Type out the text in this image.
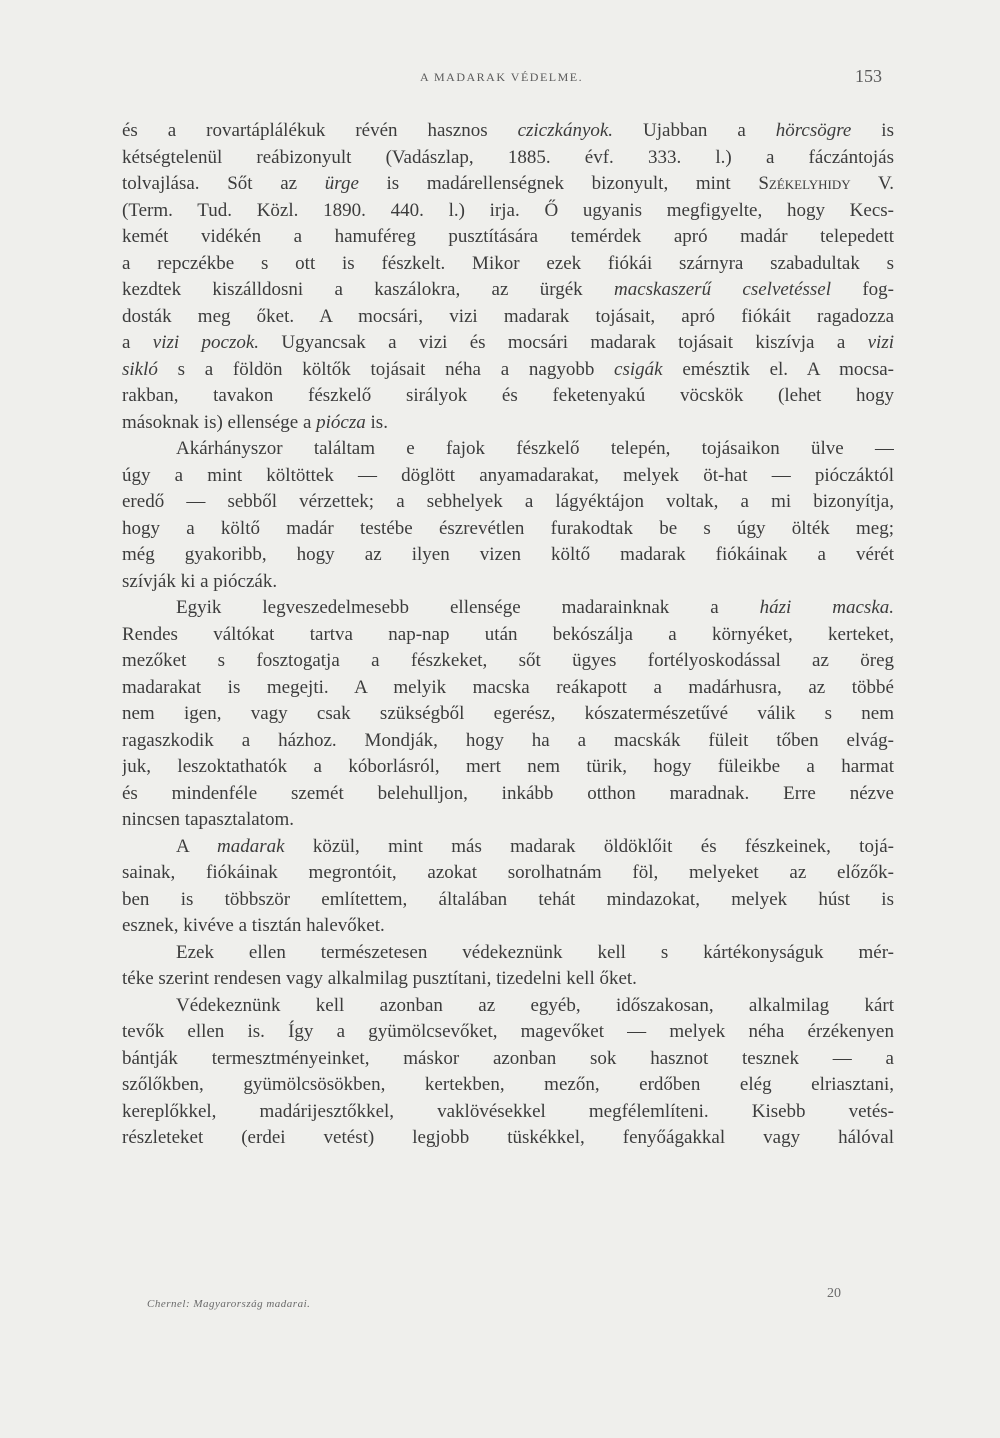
A MADARAK VÉDELME.	153
és a rovartáplálékuk révén hasznos cziczkányok. Ujabban a hörcsögre is
kétségtelenül reábizonyult (Vadászlap, 1885. évf. 333. l.) a fáczántojás
tolvajlása. Sőt az ürge is madárellenségnek bizonyult, mint Székelyhidy V.
(Term. Tud. Közl. 1890. 440. l.) irja. Ő ugyanis megfigyelte, hogy Kecs-
kemét vidékén a hamuféreg pusztítására temérdek apró madár telepedett
a repczékbe s ott is fészkelt. Mikor ezek fiókái szárnyra szabadultak s
kezdtek kiszálldosni a kaszálokra, az ürgék macskaszerű cselvetéssel fog-
dosták meg őket. A mocsári, vizi madarak tojásait, apró fiókáit ragadozza
a vizi poczok. Ugyancsak a vizi és mocsári madarak tojásait kiszívja a vizi
sikló s a földön költők tojásait néha a nagyobb csigák emésztik el. A mocsa-
rakban, tavakon fészkelő sirályok és feketenyakú vöcskök (lehet hogy
másoknak is) ellensége a pióczа is.
Akárhányszor találtam e fajok fészkelő telepén, tojásaikon ülve —
úgy a mint költöttek — döglött anyamadarakat, melyek öt-hat — pióczáktól
eredő — sebből vérzettek; a sebhelyek a lágyéktájon voltak, a mi bizonyítja,
hogy a költő madár testébe észrevétlen furakodtak be s úgy ölték meg;
még gyakoribb, hogy az ilyen vizen költő madarak fiókáinak a vérét
szívják ki a pióczák.
Egyik legveszedelmesebb ellensége madarainknak a házi macska.
Rendes váltókat tartva nap-nap után bekószálja a környéket, kerteket,
mezőket s fosztogatja a fészkeket, sőt ügyes fortélyoskodással az öreg
madarakat is megejti. A melyik macska reákapott a madárhusra, az többé
nem igen, vagy csak szükségből egerész, kószatermészetűvé válik s nem
ragaszkodik a házhoz. Mondják, hogy ha a macskák füleit tőben elvág-
juk, leszoktathatók a kóborlásról, mert nem türik, hogy füleikbe a harmat
és mindenféle szemét belehulljon, inkább otthon maradnak. Erre nézve
nincsen tapasztalatom.
A madarak közül, mint más madarak öldöklőit és fészkeinek, tojá-
sainak, fiókáinak megrontóit, azokat sorolhatnám föl, melyeket az előzők-
ben is többször említettem, általában tehát mindazokat, melyek húst is
esznek, kivéve a tisztán halevőket.
Ezek ellen természetesen védekeznünk kell s kártékonyságuk mér-
téke szerint rendesen vagy alkalmilag pusztítani, tizedelni kell őket.
Védekeznünk kell azonban az egyéb, időszakosan, alkalmilag kárt
tevők ellen is. Így a gyümölcsevőket, magevőket — melyek néha érzékenyen
bántják termesztményeinket, máskor azonban sok hasznot tesznek — a
szőlőkben, gyümölcsösökben, kertekben, mezőn, erdőben elég elriasztani,
kereplőkkel, madárijesztőkkel, vaklövésekkel megfélemlíteni. Kisebb vetés-
részleteket (erdei vetést) legjobb tüskékkel, fenyőágakkal vagy hálóval
Chernel: Magyarország madarai.
20
